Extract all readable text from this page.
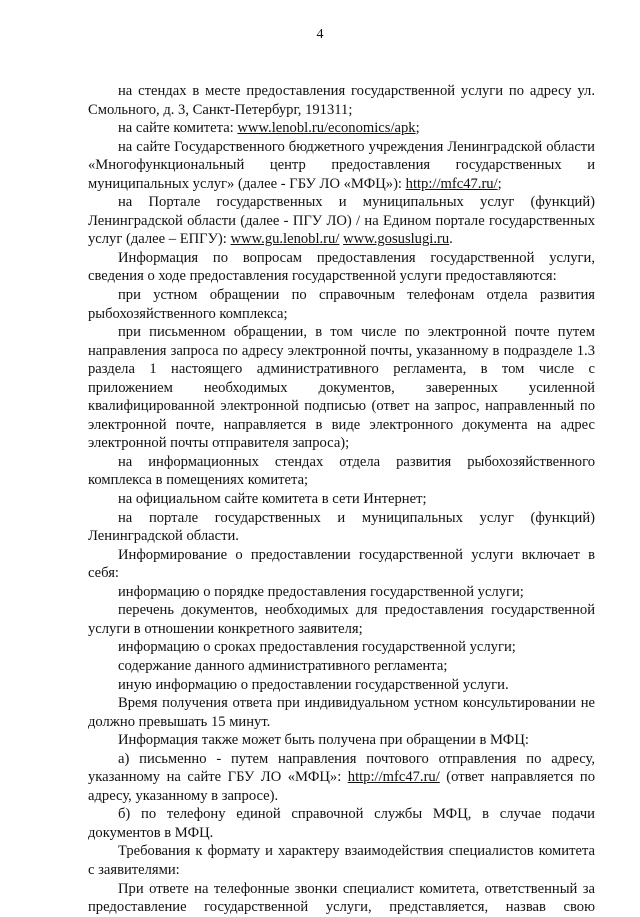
4

на стендах в месте предоставления государственной услуги по адресу ул. Смольного, д. 3, Санкт-Петербург, 191311;

на сайте комитета: www.lenobl.ru/economics/apk;

на сайте Государственного бюджетного учреждения Ленинградской области «Многофункциональный центр предоставления государственных и муниципальных услуг» (далее - ГБУ ЛО «МФЦ»): http://mfc47.ru/;

на Портале государственных и муниципальных услуг (функций) Ленинградской области (далее - ПГУ ЛО) / на Едином портале государственных услуг (далее – ЕПГУ): www.gu.lenobl.ru/ www.gosuslugi.ru.

Информация по вопросам предоставления государственной услуги, сведения о ходе предоставления государственной услуги предоставляются:

при устном обращении по справочным телефонам отдела развития рыбохозяйственного комплекса;

при письменном обращении, в том числе по электронной почте путем направления запроса по адресу электронной почты, указанному в подразделе 1.3 раздела 1 настоящего административного регламента, в том числе с приложением необходимых документов, заверенных усиленной квалифицированной электронной подписью (ответ на запрос, направленный по электронной почте, направляется в виде электронного документа на адрес электронной почты отправителя запроса);

на информационных стендах отдела развития рыбохозяйственного комплекса в помещениях комитета;

на официальном сайте комитета в сети Интернет;

на портале государственных и муниципальных услуг (функций) Ленинградской области.

Информирование о предоставлении государственной услуги включает в себя:

информацию о порядке предоставления государственной услуги;

перечень документов, необходимых для предоставления государственной услуги в отношении конкретного заявителя;

информацию о сроках предоставления государственной услуги;

содержание данного административного регламента;

иную информацию о предоставлении государственной услуги.

Время получения ответа при индивидуальном устном консультировании не должно превышать 15 минут.

Информация также может быть получена при обращении в МФЦ:

а) письменно - путем направления почтового отправления по адресу, указанному на сайте ГБУ ЛО «МФЦ»: http://mfc47.ru/ (ответ направляется по адресу, указанному в запросе).

б) по телефону единой справочной службы МФЦ, в случае подачи документов в МФЦ.

Требования к формату и характеру взаимодействия специалистов комитета с заявителями:

При ответе на телефонные звонки специалист комитета, ответственный за предоставление государственной услуги, представляется, назвав свою
